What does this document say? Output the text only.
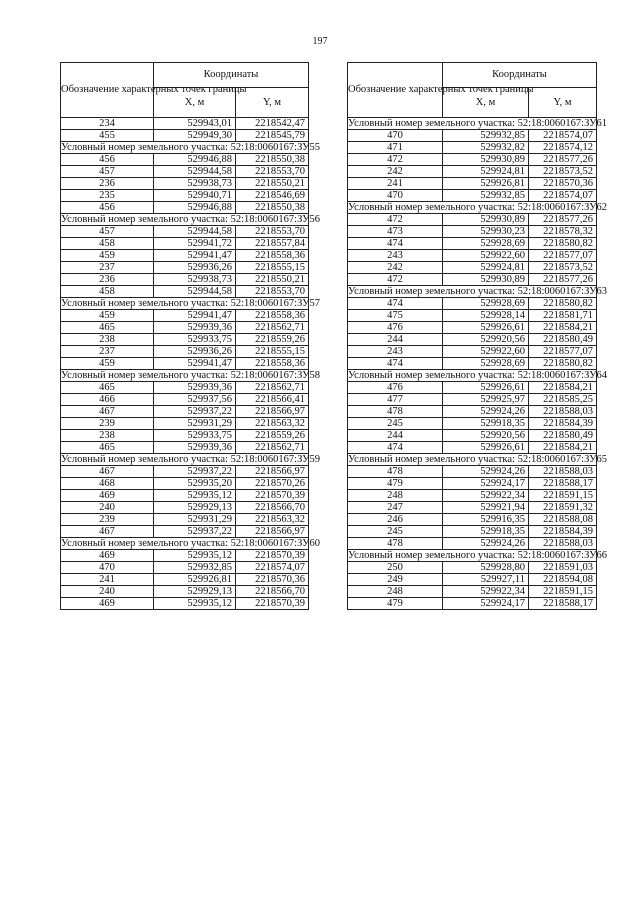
197
Обозначение характерных точек границы	Координаты	
	X, м	Y, м
234	529943,01	2218542,47
455	529949,30	2218545,79
Условный номер земельного участка: 52:18:0060167:ЗУ55		
456	529946,88	2218550,38
457	529944,58	2218553,70
236	529938,73	2218550,21
235	529940,71	2218546,69
456	529946,88	2218550,38
Условный номер земельного участка: 52:18:0060167:ЗУ56		
457	529944,58	2218553,70
458	529941,72	2218557,84
459	529941,47	2218558,36
237	529936,26	2218555,15
236	529938,73	2218550,21
458	529944,58	2218553,70
Условный номер земельного участка: 52:18:0060167:ЗУ57		
459	529941,47	2218558,36
465	529939,36	2218562,71
238	529933,75	2218559,26
237	529936,26	2218555,15
459	529941,47	2218558,36
Условный номер земельного участка: 52:18:0060167:ЗУ58		
465	529939,36	2218562,71
466	529937,56	2218566,41
467	529937,22	2218566,97
239	529931,29	2218563,32
238	529933,75	2218559,26
465	529939,36	2218562,71
Условный номер земельного участка: 52:18:0060167:ЗУ59		
467	529937,22	2218566,97
468	529935,20	2218570,26
469	529935,12	2218570,39
240	529929,13	2218566,70
239	529931,29	2218563,32
467	529937,22	2218566,97
Условный номер земельного участка: 52:18:0060167:ЗУ60		
469	529935,12	2218570,39
470	529932,85	2218574,07
241	529926,81	2218570,36
240	529929,13	2218566,70
469	529935,12	2218570,39
Обозначение характерных точек границы	Координаты	
	X, м	Y, м
Условный номер земельного участка: 52:18:0060167:ЗУ61		
470	529932,85	2218574,07
471	529932,82	2218574,12
472	529930,89	2218577,26
242	529924,81	2218573,52
241	529926,81	2218570,36
470	529932,85	2218574,07
Условный номер земельного участка: 52:18:0060167:ЗУ62		
472	529930,89	2218577,26
473	529930,23	2218578,32
474	529928,69	2218580,82
243	529922,60	2218577,07
242	529924,81	2218573,52
472	529930,89	2218577,26
Условный номер земельного участка: 52:18:0060167:ЗУ63		
474	529928,69	2218580,82
475	529928,14	2218581,71
476	529926,61	2218584,21
244	529920,56	2218580,49
243	529922,60	2218577,07
474	529928,69	2218580,82
Условный номер земельного участка: 52:18:0060167:ЗУ64		
476	529926,61	2218584,21
477	529925,97	2218585,25
478	529924,26	2218588,03
245	529918,35	2218584,39
244	529920,56	2218580,49
474	529926,61	2218584,21
Условный номер земельного участка: 52:18:0060167:ЗУ65		
478	529924,26	2218588,03
479	529924,17	2218588,17
248	529922,34	2218591,15
247	529921,94	2218591,32
246	529916,35	2218588,08
245	529918,35	2218584,39
478	529924,26	2218588,03
Условный номер земельного участка: 52:18:0060167:ЗУ66		
250	529928,80	2218591,03
249	529927,11	2218594,08
248	529922,34	2218591,15
479	529924,17	2218588,17
